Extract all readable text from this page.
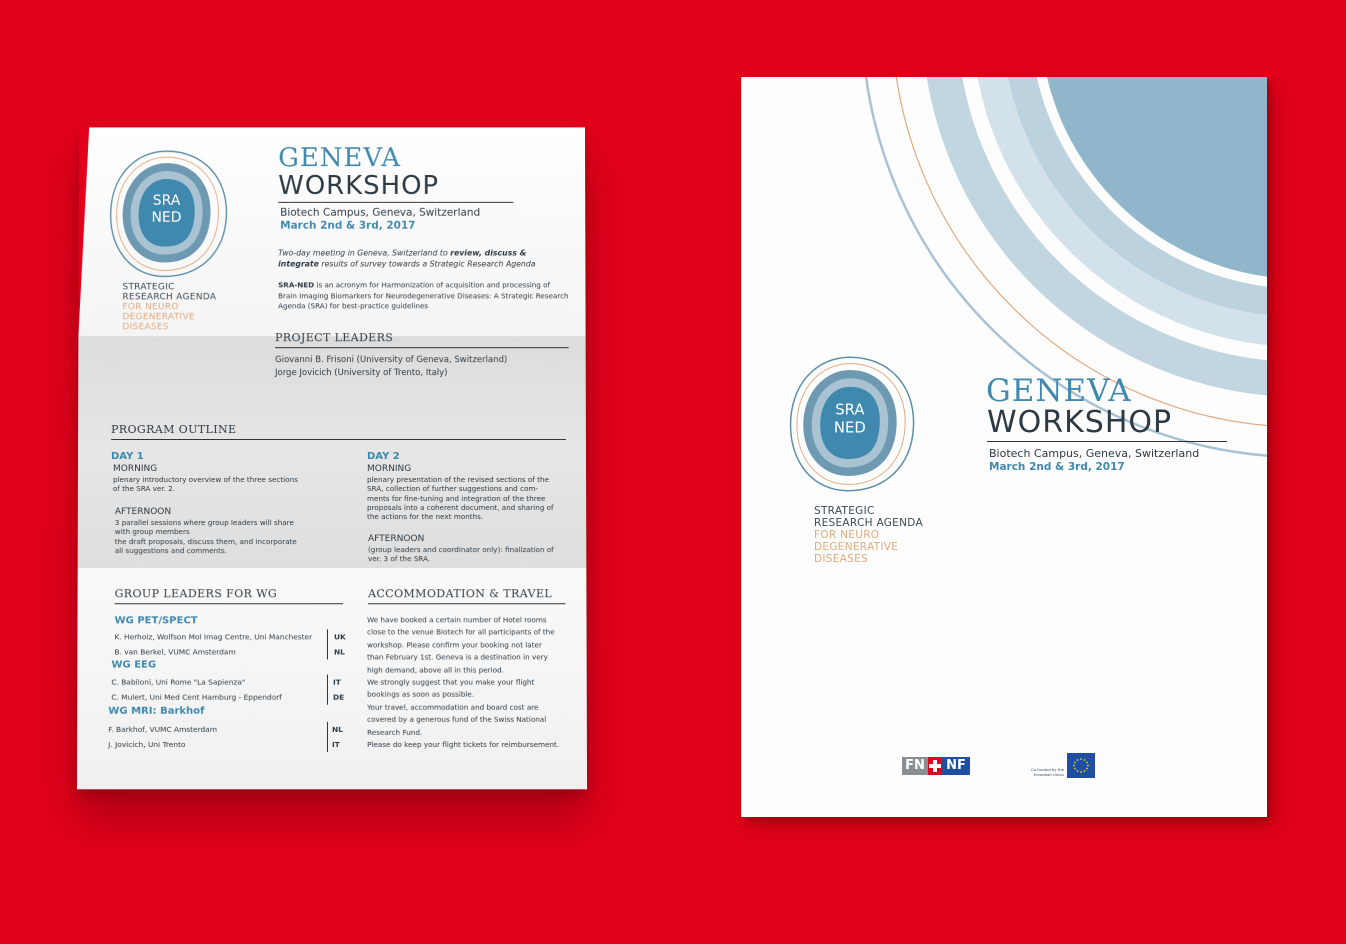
SRA
NED
STRATEGIC
RESEARCH AGENDA
FOR NEURO
DEGENERATIVE
DISEASES
GENEVA
WORKSHOP
Biotech Campus, Geneva, Switzerland
March 2nd & 3rd, 2017
Two-day meeting in Geneva, Switzerland to review, discuss & integrate results of survey towards a Strategic Research Agenda
SRA-NED is an acronym for Harmonization of acquisition and processing of Brain Imaging Biomarkers for Neurodegenerative Diseases: A Strategic Research Agenda (SRA) for best-practice guidelines
PROJECT LEADERS
Giovanni B. Frisoni (University of Geneva, Switzerland)
Jorge Jovicich (University of Trento, Italy)
PROGRAM OUTLINE
DAY 1
MORNING
plenary introductory overview of the three sections
of the SRA ver. 2.
AFTERNOON
3 parallel sessions where group leaders will share
with group members
the draft proposals, discuss them, and incorporate
all suggestions and comments.
DAY 2
MORNING
plenary presentation of the revised sections of the
SRA, collection of further suggestions and com-
ments for fine-tuning and integration of the three
proposals into a coherent document, and sharing of
the actions for the next months.
AFTERNOON
(group leaders and coordinator only): finalization of
ver. 3 of the SRA.
GROUP LEADERS FOR WG
WG PET/SPECT
K. Herholz, Wolfson Mol Imag Centre, Uni Manchester	UK
B. van Berkel, VUMC Amsterdam	NL
WG EEG
C. Babiloni, Uni Rome "La Sapienza"	IT
C. Mulert, Uni Med Cent Hamburg - Eppendorf	DE
WG MRI: Barkhof
F. Barkhof, VUMC Amsterdam	NL
J. Jovicich, Uni Trento	IT
ACCOMMODATION & TRAVEL
We have booked a certain number of Hotel rooms
close to the venue Biotech for all participants of the
workshop. Please confirm your booking not later
than February 1st. Geneva is a destination in very
high demand, above all in this period.
We strongly suggest that you make your flight
bookings as soon as possible.
Your travel, accommodation and board cost are
covered by a generous fund of the Swiss National
Research Fund.
Please do keep your flight tickets for reimbursement.
SRA
NED
STRATEGIC
RESEARCH AGENDA
FOR NEURO
DEGENERATIVE
DISEASES
GENEVA
WORKSHOP
Biotech Campus, Geneva, Switzerland
March 2nd & 3rd, 2017
FN	NF	Co-funded by the European Union
